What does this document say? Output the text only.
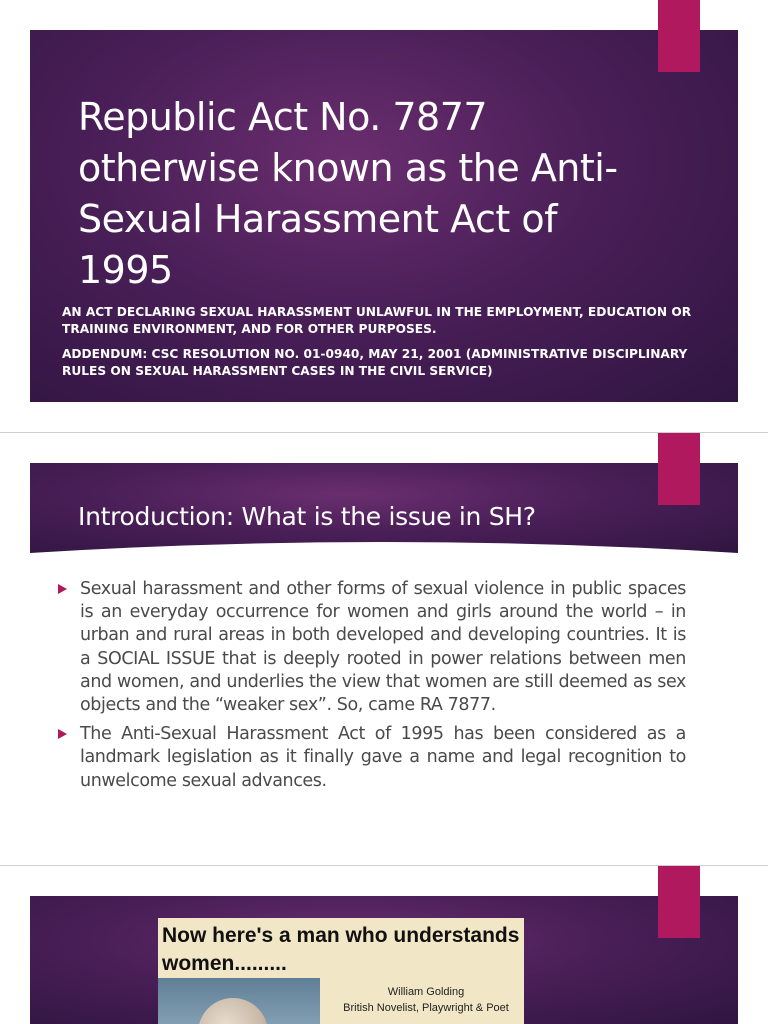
Republic Act No. 7877 otherwise known as the Anti-Sexual Harassment Act of 1995
AN ACT DECLARING SEXUAL HARASSMENT UNLAWFUL IN THE EMPLOYMENT, EDUCATION OR TRAINING ENVIRONMENT, AND FOR OTHER PURPOSES.
ADDENDUM: CSC RESOLUTION NO. 01-0940, MAY 21, 2001 (ADMINISTRATIVE DISCIPLINARY RULES ON SEXUAL HARASSMENT CASES IN THE CIVIL SERVICE)
Introduction: What is the issue in SH?
Sexual harassment and other forms of sexual violence in public spaces is an everyday occurrence for women and girls around the world – in urban and rural areas in both developed and developing countries. It is a SOCIAL ISSUE that is deeply rooted in power relations between men and women, and underlies the view that women are still deemed as sex objects and the “weaker sex”. So, came RA 7877.
The Anti-Sexual Harassment Act of 1995 has been considered as a landmark legislation as it finally gave a name and legal recognition to unwelcome sexual advances.
Now here's a man who understands women.........
William Golding
British Novelist, Playwright & Poet
